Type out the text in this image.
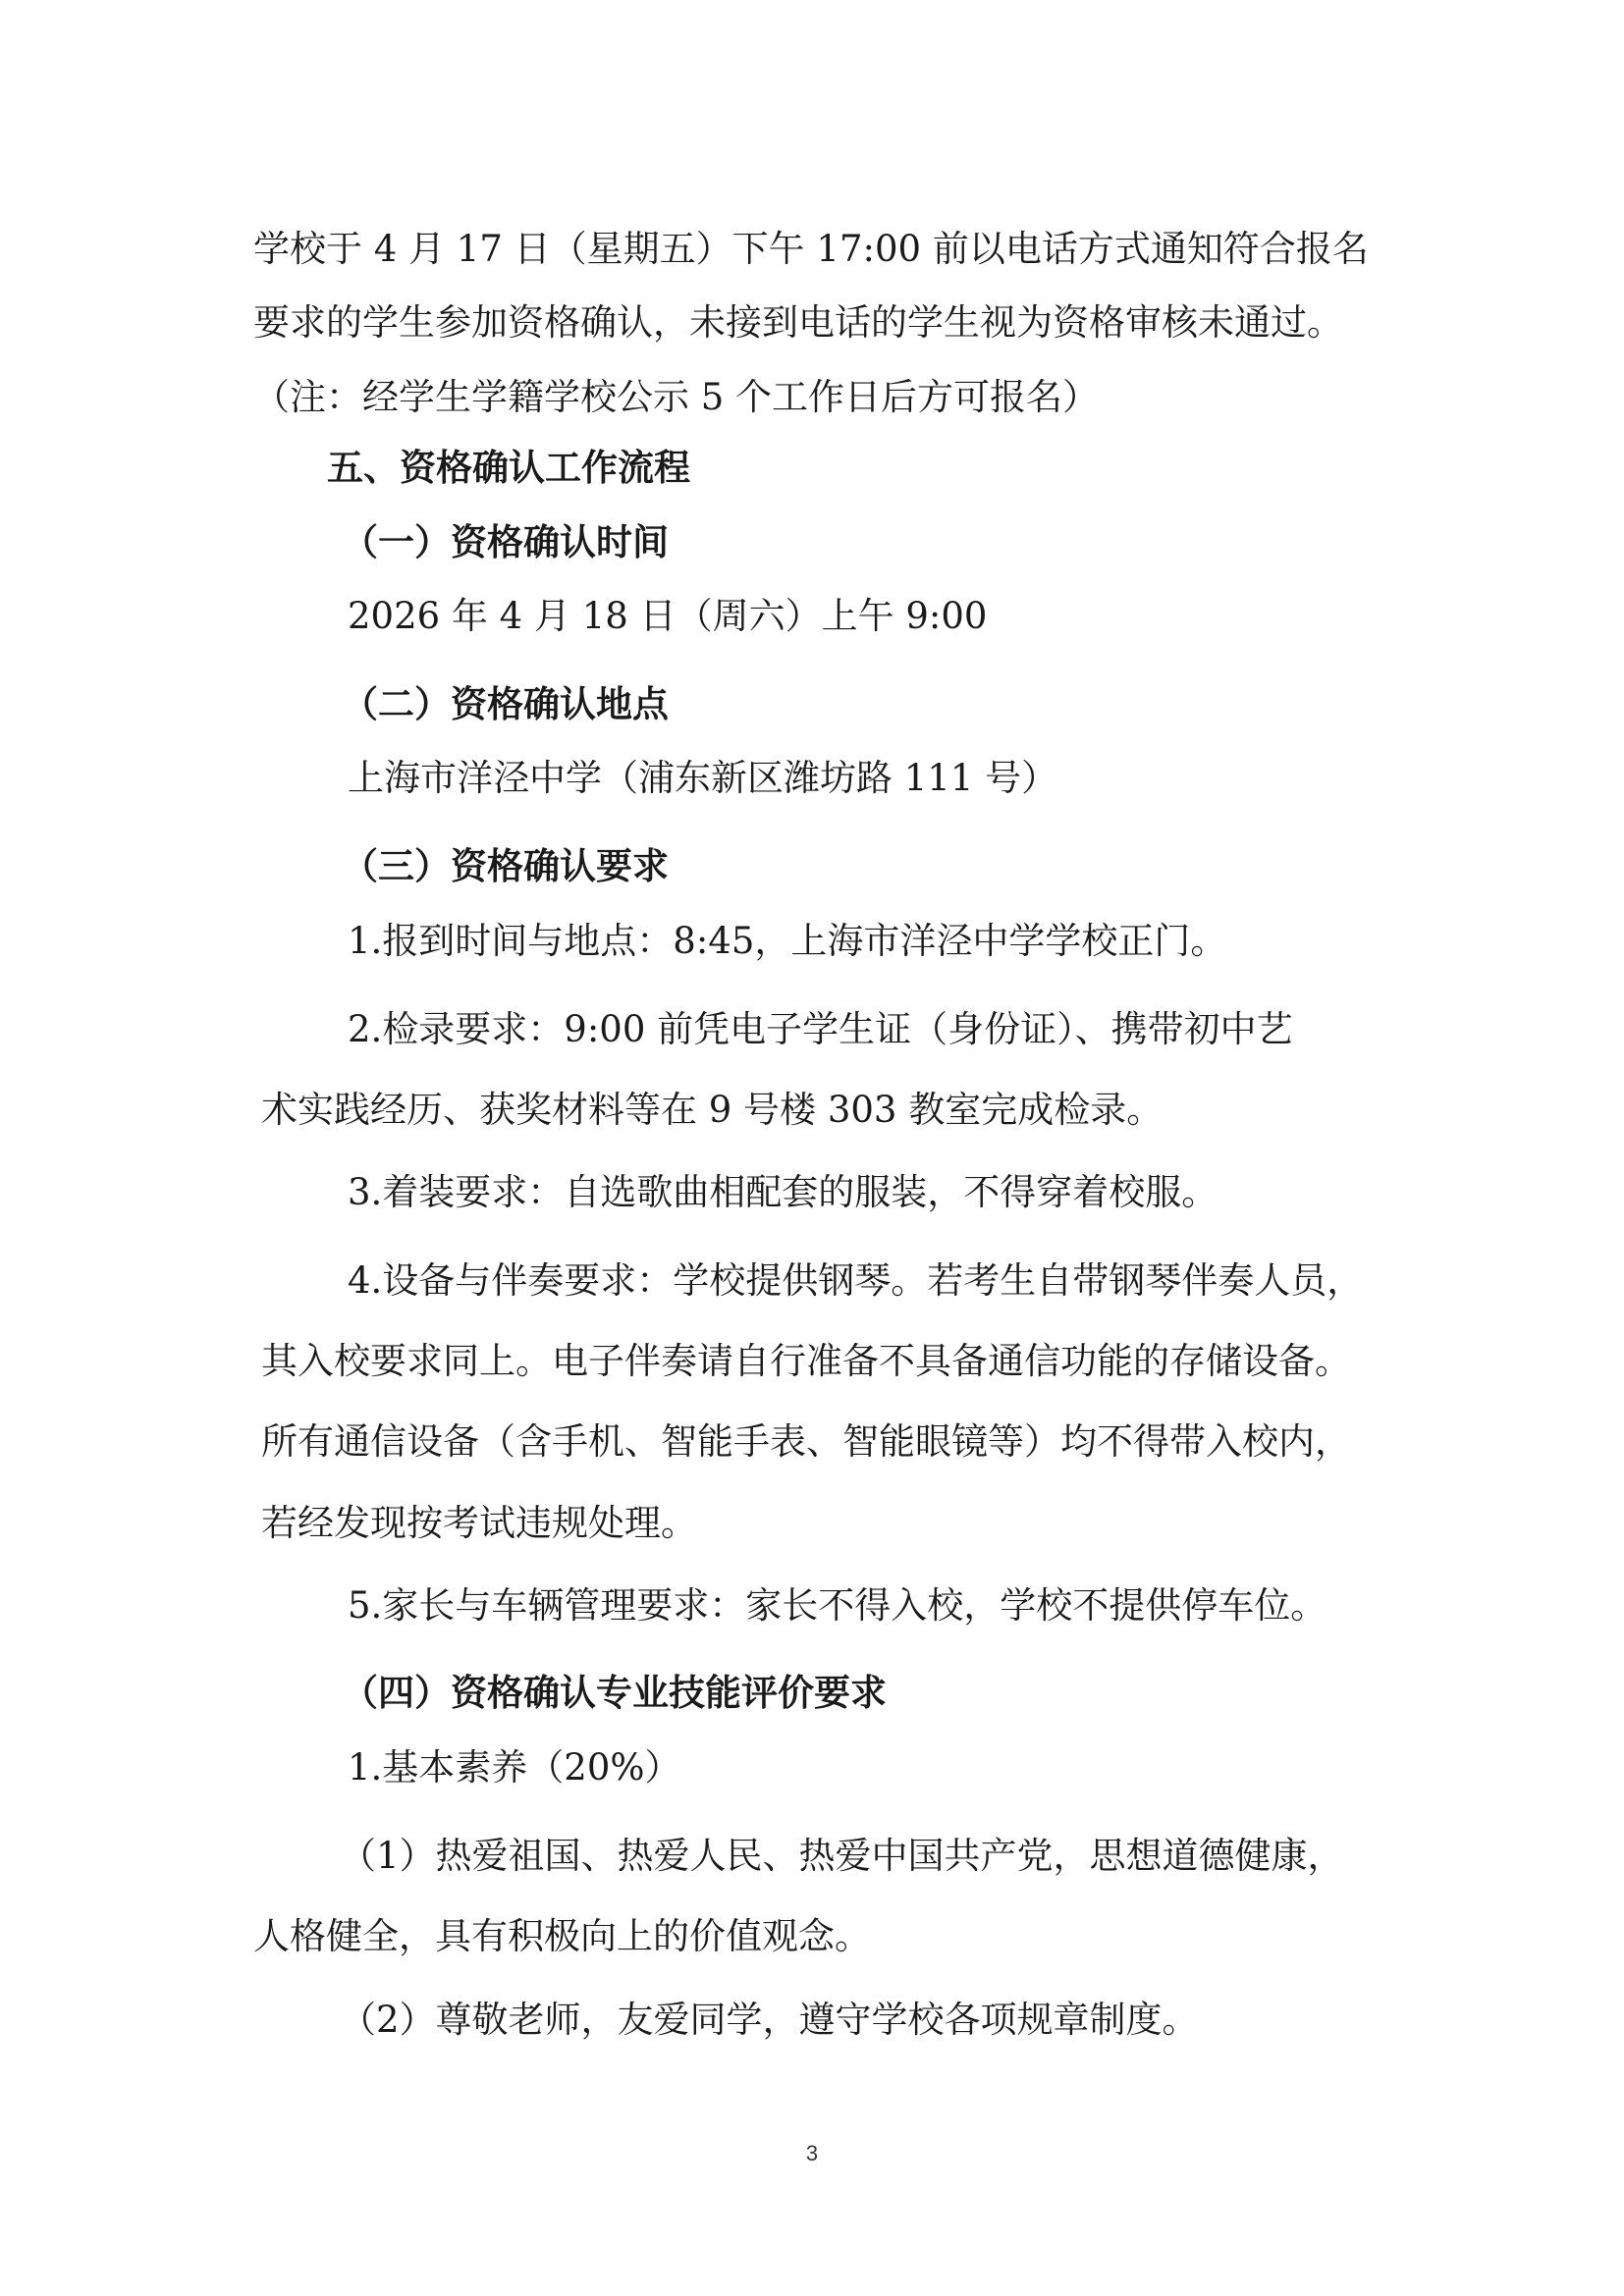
学校于 4 月 17 日（星期五）下午 17:00 前以电话方式通知符合报名
要求的学生参加资格确认，未接到电话的学生视为资格审核未通过。
（注：经学生学籍学校公示 5 个工作日后方可报名）
五、资格确认工作流程
（一）资格确认时间
2026 年 4 月 18 日（周六）上午 9:00
（二）资格确认地点
上海市洋泾中学（浦东新区潍坊路 111 号）
（三）资格确认要求
1.报到时间与地点：8:45，上海市洋泾中学学校正门。
2.检录要求：9:00 前凭电子学生证（身份证）、携带初中艺
术实践经历、获奖材料等在 9 号楼 303 教室完成检录。
3.着装要求：自选歌曲相配套的服装，不得穿着校服。
4.设备与伴奏要求：学校提供钢琴。若考生自带钢琴伴奏人员，
其入校要求同上。电子伴奏请自行准备不具备通信功能的存储设备。
所有通信设备（含手机、智能手表、智能眼镜等）均不得带入校内，
若经发现按考试违规处理。
5.家长与车辆管理要求：家长不得入校，学校不提供停车位。
（四）资格确认专业技能评价要求
1.基本素养（20%）
（1）热爱祖国、热爱人民、热爱中国共产党，思想道德健康，
人格健全，具有积极向上的价值观念。
（2）尊敬老师，友爱同学，遵守学校各项规章制度。
3
